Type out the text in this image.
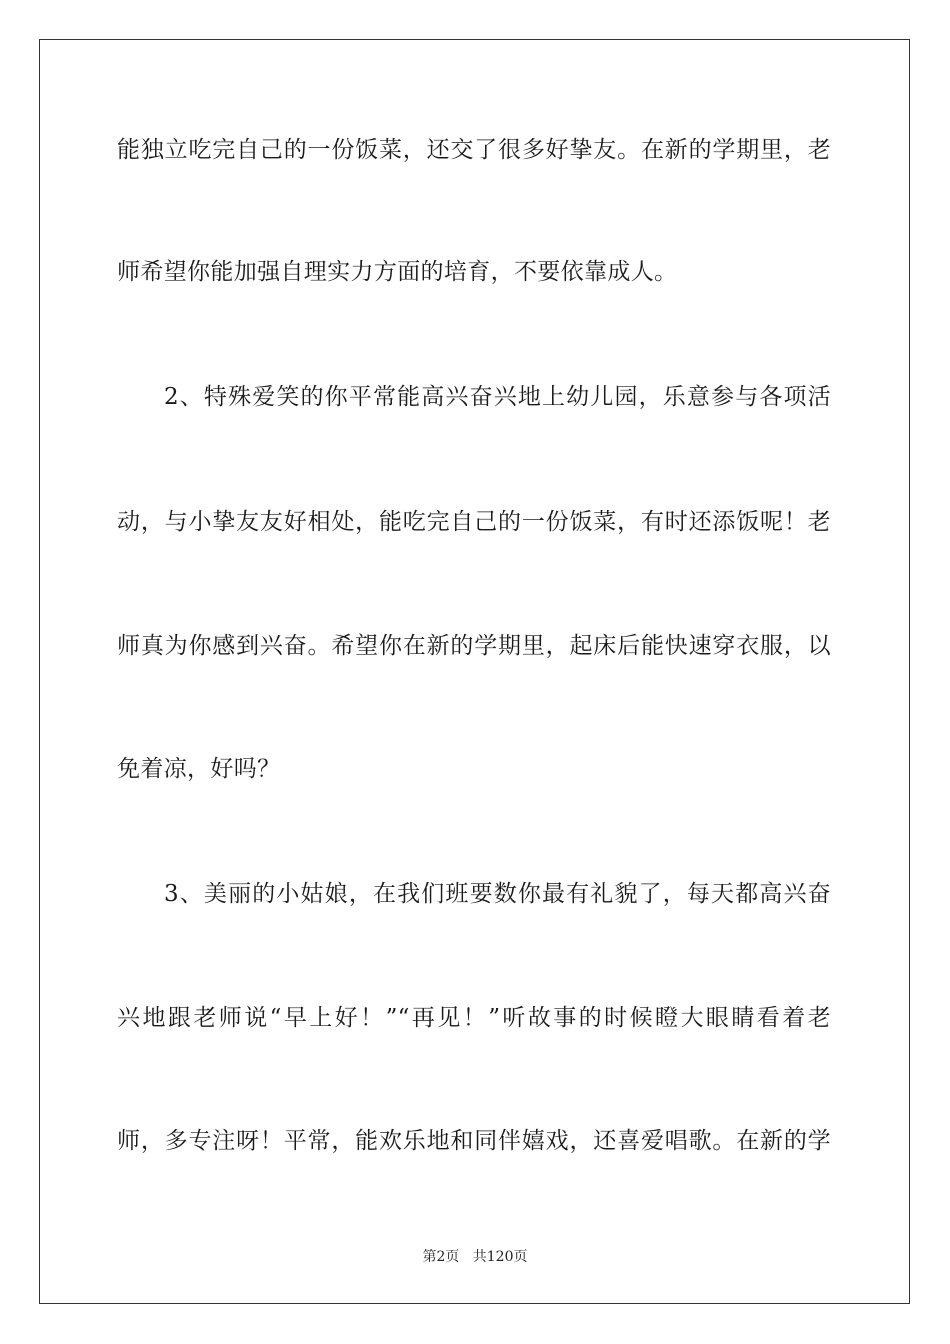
能独立吃完自己的一份饭菜，还交了很多好挚友。在新的学期里，老
师希望你能加强自理实力方面的培育，不要依靠成人。
2、特殊爱笑的你平常能高兴奋兴地上幼儿园，乐意参与各项活
动，与小挚友友好相处，能吃完自己的一份饭菜，有时还添饭呢！老
师真为你感到兴奋。希望你在新的学期里，起床后能快速穿衣服，以
免着凉，好吗？
3、美丽的小姑娘，在我们班要数你最有礼貌了，每天都高兴奋
兴地跟老师说“早上好！”“再见！”听故事的时候瞪大眼睛看着老
师，多专注呀！平常，能欢乐地和同伴嬉戏，还喜爱唱歌。在新的学
第2页   共120页
